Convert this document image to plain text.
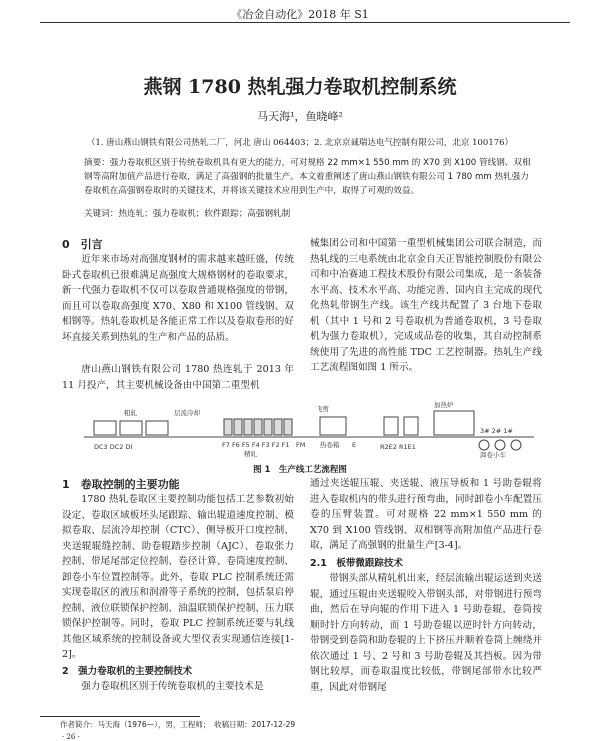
《冶金自动化》2018 年 S1
燕钢 1780 热轧强力卷取机控制系统
马天海¹，鱼晓峰²
（1. 唐山燕山钢铁有限公司热轧二厂，河北 唐山 064403；2. 北京京诚瑞达电气控制有限公司，北京 100176）
摘要：强力卷取机区别于传统卷取机具有更大的能力，可对规格 22 mm×1 550 mm 的 X70 到 X100 管线钢、双相钢等高附加值产品进行卷取，满足了高强钢的批量生产。本文着重阐述了唐山燕山钢铁有限公司 1 780 mm 热轧强力卷取机在高强钢卷取时的关键技术，并将该关键技术应用到生产中，取得了可观的效益。
关键词：热连轧；强力卷取机；软件跟踪；高强钢轧制
0　引言
近年来市场对高强度钢材的需求越来越旺盛，传统卧式卷取机已很难满足高强度大规格钢材的卷取要求，新一代强力卷取机不仅可以卷取普通规格强度的带钢，而且可以卷取高强度 X70、X80 和 X100 管线钢、双相钢等。热轧卷取机是各能正常工作以及卷取卷形的好坏直接关系到热轧的生产和产品的品质。
唐山燕山钢铁有限公司 1780 热连轧于 2013 年 11 月投产，其主要机械设备由中国第二重型机
械集团公司和中国第一重型机械集团公司联合制造，而热轧线的三电系统由北京金自天正智能控制股份有限公司和中冶赛迪工程技术股份有限公司集成，是一条装备水平高、技术水平高、功能完善、国内自主完成的现代化热轧带钢生产线。该生产线共配置了 3 台地下卷取机（其中 1 号和 2 号卷取机为普通卷取机，3 号卷取机为强力卷取机），完成成品卷的收集，其自动控制系统使用了先进的高性能 TDC 工艺控制器。热轧生产线工艺流程图如图 1 所示。
DC3 DC2 DI	R2E2 R1E1
F7 F6 F5 F4 F3 F2 F1 FM
精轧
飞剪
热卷箱 E
加热炉
3# 2# 1#
卸卷小车
层流冷却
粗轧
图 1　生产线工艺流程图
1　卷取控制的主要功能
1780 热轧卷取区主要控制功能包括工艺参数初始设定、卷取区域板坯头尾跟踪、输出辊道速度控制、模拟卷取、层流冷却控制（CTC）、侧导板开口度控制、夹送辊辊缝控制、助卷辊踏步控制（AJC）、卷取张力控制、带尾尾部定位控制、卷径计算、卷筒速度控制、卸卷小车位置控制等。此外，卷取 PLC 控制系统还需实现卷取区的液压和润滑等子系统的控制，包括泵启停控制、液位联锁保护控制、油温联锁保护控制、压力联锁保护控制等。同时，卷取 PLC 控制系统还要与轧线其他区域系统的控制设备或大型仪表实现通信连接[1-2]。
2　强力卷取机的主要控制技术
强力卷取机区别于传统卷取机的主要技术是
通过夹送辊压辊、夹送辊、液压导板和 1 号助卷辊将进入卷取机内的带头进行预弯曲，同时卸卷小车配置压卷的压臂装置。可对规格 22 mm×1 550 mm 的 X70 到 X100 管线钢、双相钢等高附加值产品进行卷取，满足了高强钢的批量生产[3-4]。
2.1　板带微跟踪技术
带钢头部从精轧机出来，经层流输出辊运送到夹送辊，通过压辊由夹送辊咬入带钢头部，对带钢进行预弯曲，然后在导向辊的作用下进入 1 号助卷辊，卷筒按顺时针方向转动，而 1 号助卷辊以逆时针方向转动，带钢受到卷筒和助卷辊的上下挤压并顺着卷筒上缠绕并依次通过 1 号、2 号和 3 号助卷辊及其挡板。因为带钢比较厚，而卷取温度比较低，带钢尾部带水比较严重，因此对带钢尾
作者简介：马天海（1976—），男，工程师；　收稿日期：2017-12-29
· 26 ·
